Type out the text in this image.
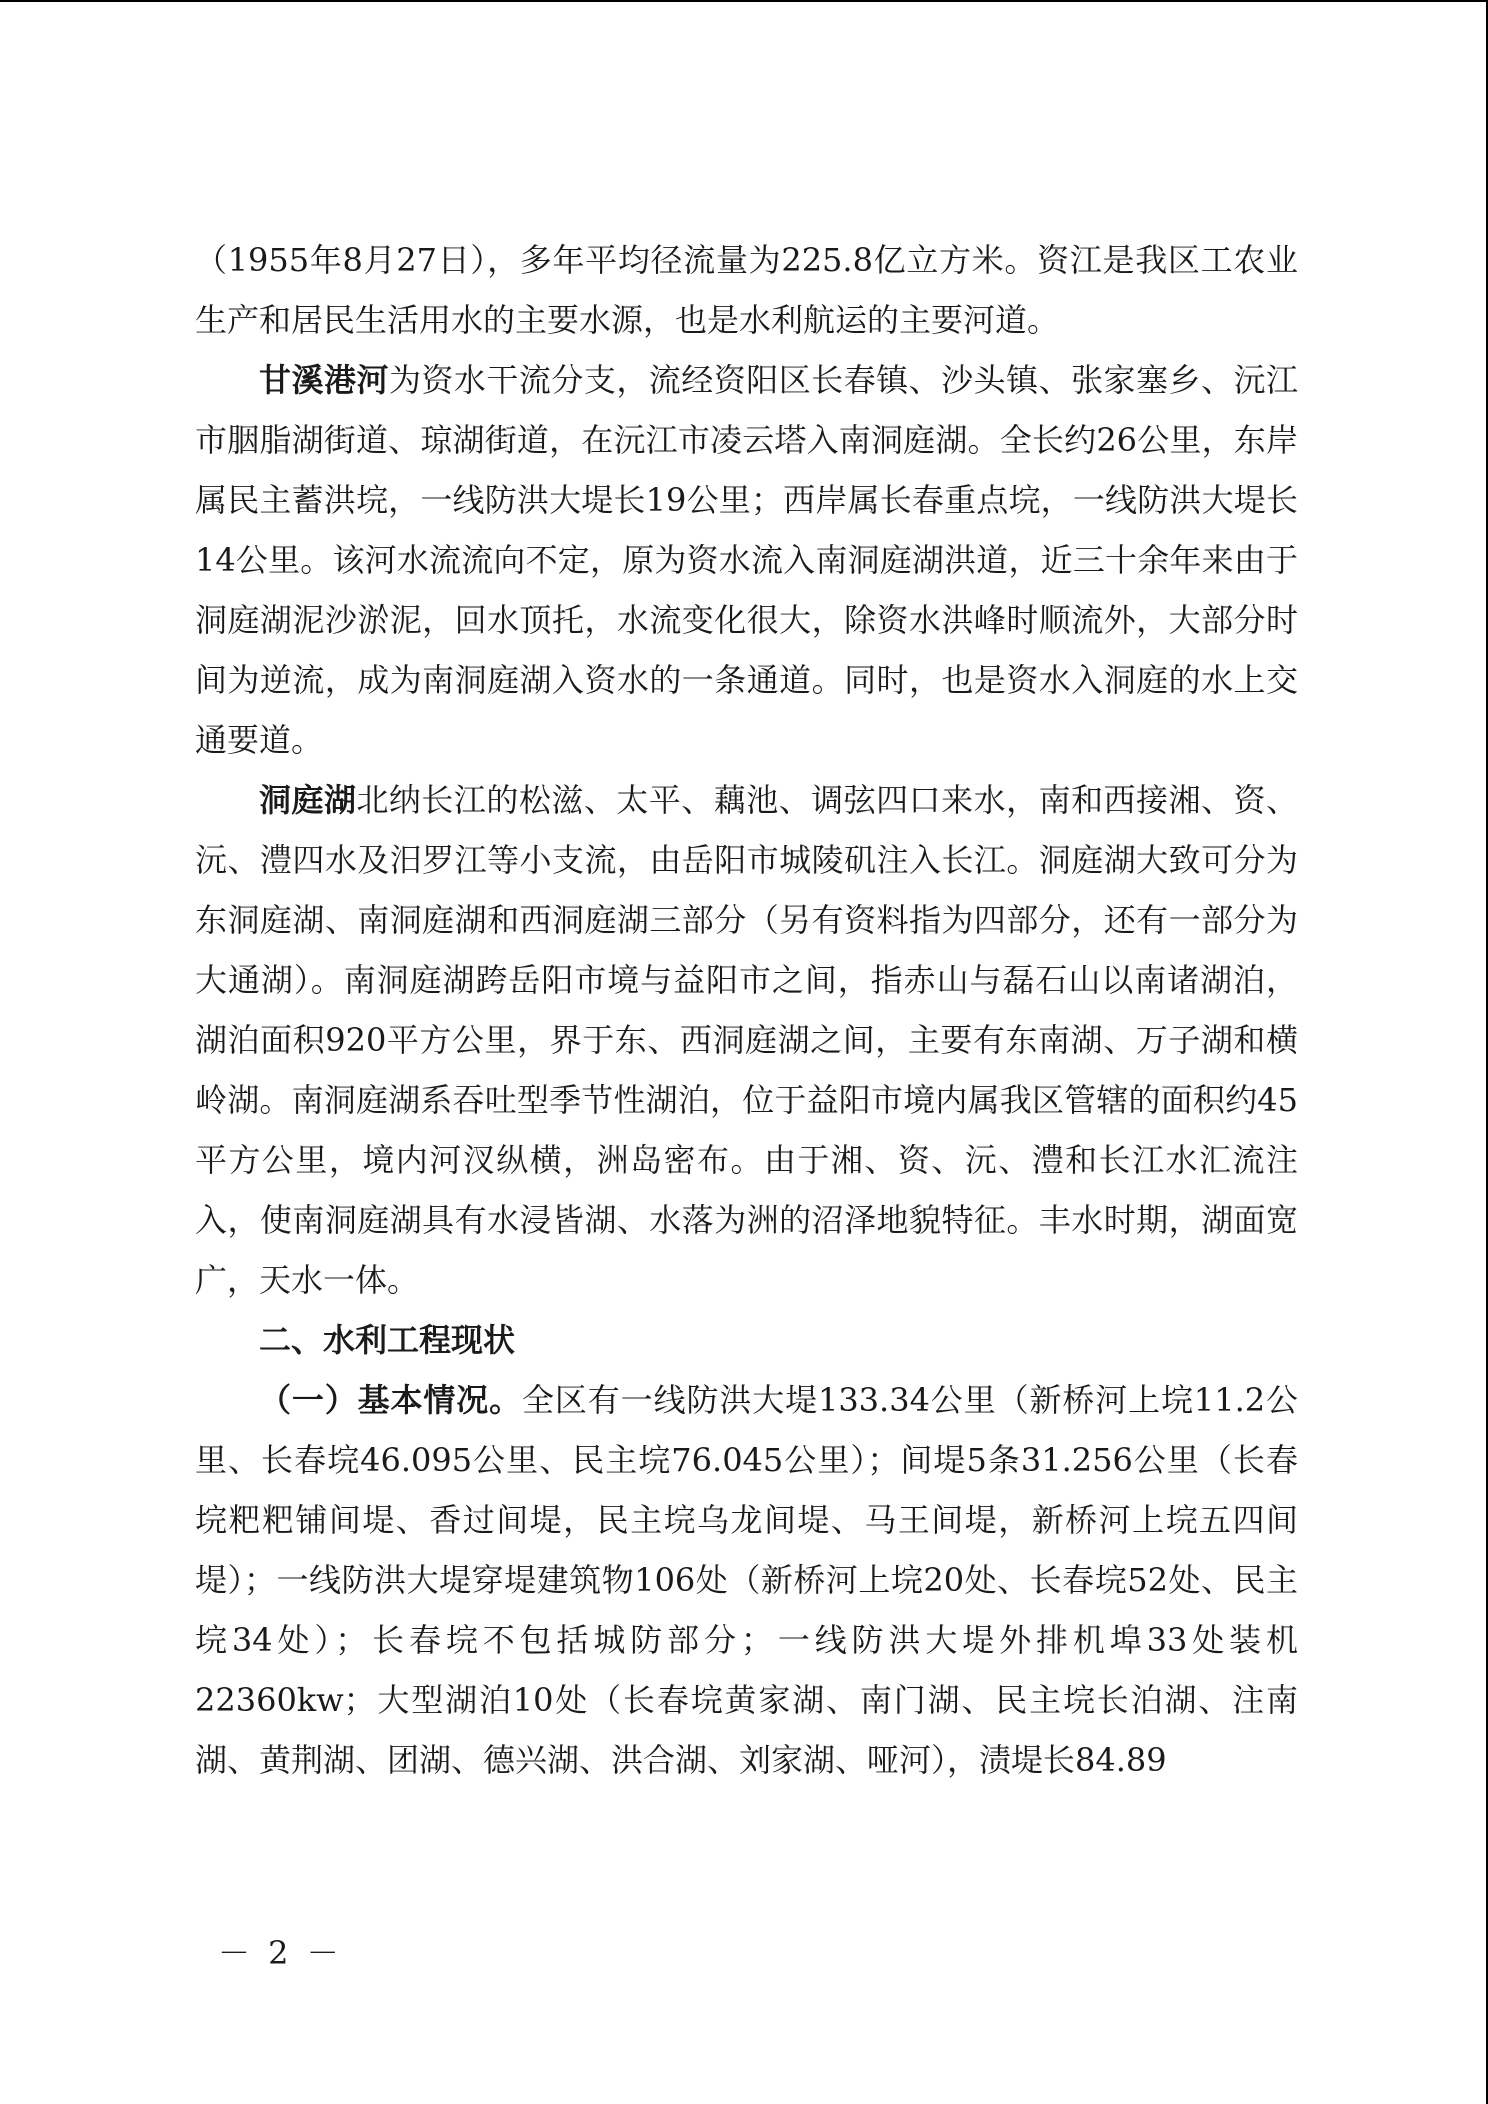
（1955年8月27日），多年平均径流量为225.8亿立方米。资江是我区工农业生产和居民生活用水的主要水源，也是水利航运的主要河道。

甘溪港河为资水干流分支，流经资阳区长春镇、沙头镇、张家塞乡、沅江市胭脂湖街道、琼湖街道，在沅江市凌云塔入南洞庭湖。全长约26公里，东岸属民主蓄洪垸，一线防洪大堤长19公里；西岸属长春重点垸，一线防洪大堤长14公里。该河水流流向不定，原为资水流入南洞庭湖洪道，近三十余年来由于洞庭湖泥沙淤泥，回水顶托，水流变化很大，除资水洪峰时顺流外，大部分时间为逆流，成为南洞庭湖入资水的一条通道。同时，也是资水入洞庭的水上交通要道。

洞庭湖北纳长江的松滋、太平、藕池、调弦四口来水，南和西接湘、资、沅、澧四水及汨罗江等小支流，由岳阳市城陵矶注入长江。洞庭湖大致可分为东洞庭湖、南洞庭湖和西洞庭湖三部分（另有资料指为四部分，还有一部分为大通湖）。南洞庭湖跨岳阳市境与益阳市之间，指赤山与磊石山以南诸湖泊，湖泊面积920平方公里，界于东、西洞庭湖之间，主要有东南湖、万子湖和横岭湖。南洞庭湖系吞吐型季节性湖泊，位于益阳市境内属我区管辖的面积约45平方公里，境内河汊纵横，洲岛密布。由于湘、资、沅、澧和长江水汇流注入，使南洞庭湖具有水浸皆湖、水落为洲的沼泽地貌特征。丰水时期，湖面宽广，天水一体。

二、水利工程现状

（一）基本情况。全区有一线防洪大堤133.34公里（新桥河上垸11.2公里、长春垸46.095公里、民主垸76.045公里）；间堤5条31.256公里（长春垸粑粑铺间堤、香过间堤，民主垸乌龙间堤、马王间堤，新桥河上垸五四间堤）；一线防洪大堤穿堤建筑物106处（新桥河上垸20处、长春垸52处、民主垸34处）；长春垸不包括城防部分；一线防洪大堤外排机埠33处装机22360kw；大型湖泊10处（长春垸黄家湖、南门湖、民主垸长泊湖、注南湖、黄荆湖、团湖、德兴湖、洪合湖、刘家湖、哑河），渍堤长84.89

－ 2 －
